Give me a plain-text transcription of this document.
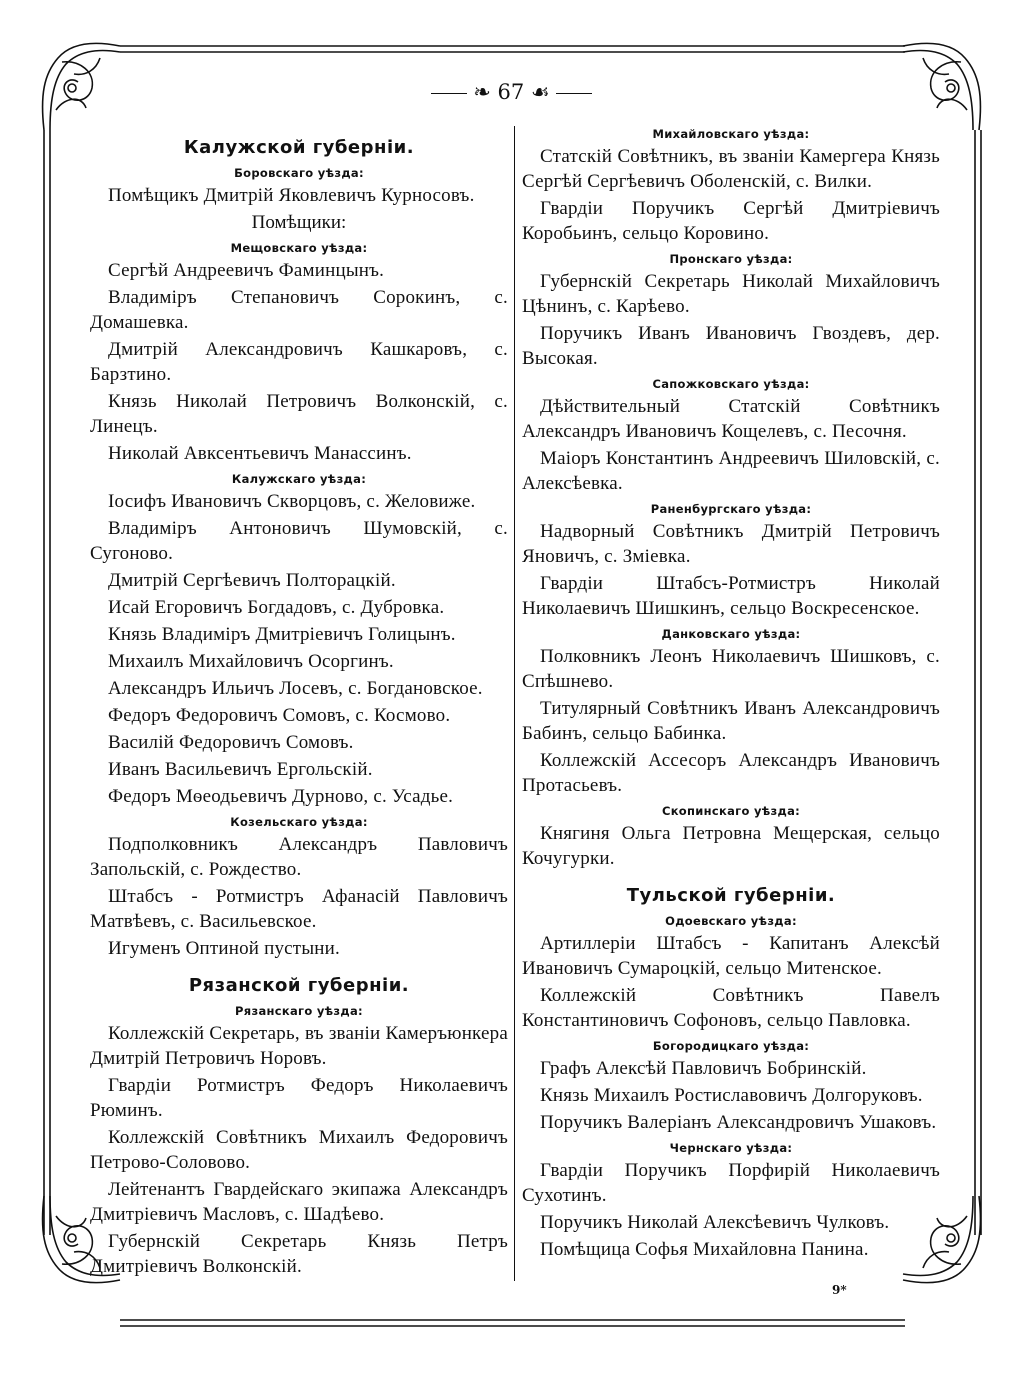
❧ 67 ☙

Калужской губерніи.

Боровскаго уѣзда:

Помѣщикъ Дмитрій Яковлевичъ Курносовъ.

Помѣщики:

Мещовскаго уѣзда:

Сергѣй Андреевичъ Фаминцынъ.

Владиміръ Степановичъ Сорокинъ, с. Домашевка.

Дмитрій Александровичъ Кашкаровъ, с. Барзтино.

Князь Николай Петровичъ Волконскій, с. Линецъ.

Николай Авксентьевичъ Манассинъ.

Калужскаго уѣзда:

Іосифъ Ивановичъ Скворцовъ, с. Желовиже.

Владиміръ Антоновичъ Шумовскій, с. Сугоново.

Дмитрій Сергѣевичъ Полторацкій.

Исай Егоровичъ Богдадовъ, с. Дубровка.

Князь Владиміръ Дмитріевичъ Голицынъ.

Михаилъ Михайловичъ Осоргинъ.

Александръ Ильичъ Лосевъ, с. Богдановское.

Федоръ Федоровичъ Сомовъ, с. Космово.

Василій Федоровичъ Сомовъ.

Иванъ Васильевичъ Ергольскій.

Федоръ Мѳеодьевичъ Дурново, с. Усадье.

Козельскаго уѣзда:

Подполковникъ Александръ Павловичъ Запольскій, с. Рождество.

Штабсъ - Ротмистръ Афанасій Павловичъ Матвѣевъ, с. Васильевское.

Игуменъ Оптиной пустыни.

Рязанской губерніи.

Рязанскаго уѣзда:

Коллежскій Секретарь, въ званіи Камеръюнкера Дмитрій Петровичъ Норовъ.

Гвардіи Ротмистръ Федоръ Николаевичъ Рюминъ.

Коллежскій Совѣтникъ Михаилъ Федоровичъ Петрово-Соловово.

Лейтенантъ Гвардейскаго экипажа Александръ Дмитріевичъ Масловъ, с. Шадѣево.

Губернскій Секретарь Князь Петръ Дмитріевичъ Волконскій.

Михайловскаго уѣзда:

Статскій Совѣтникъ, въ званіи Камергера Князь Сергѣй Сергѣевичъ Оболенскій, с. Вилки.

Гвардіи Поручикъ Сергѣй Дмитріевичъ Коробьинъ, сельцо Коровино.

Пронскаго уѣзда:

Губернскій Секретарь Николай Михайловичъ Цѣнинъ, с. Карѣево.

Поручикъ Иванъ Ивановичъ Гвоздевъ, дер. Высокая.

Сапожковскаго уѣзда:

Дѣйствительный Статскій Совѣтникъ Александръ Ивановичъ Кощелевъ, с. Песочня.

Маіоръ Константинъ Андреевичъ Шиловскій, с. Алексѣевка.

Раненбургскаго уѣзда:

Надворный Совѣтникъ Дмитрій Петровичъ Яновичъ, с. Зміевка.

Гвардіи Штабсъ-Ротмистръ Николай Николаевичъ Шишкинъ, сельцо Воскресенское.

Данковскаго уѣзда:

Полковникъ Леонъ Николаевичъ Шишковъ, с. Спѣшнево.

Титулярный Совѣтникъ Иванъ Александровичъ Бабинъ, сельцо Бабинка.

Коллежскій Ассесоръ Александръ Ивановичъ Протасьевъ.

Скопинскаго уѣзда:

Княгиня Ольга Петровна Мещерская, сельцо Кочугурки.

Тульской губерніи.

Одоевскаго уѣзда:

Артиллеріи Штабсъ - Капитанъ Алексѣй Ивановичъ Сумароцкій, сельцо Митенское.

Коллежскій Совѣтникъ Павелъ Константиновичъ Софоновъ, сельцо Павловка.

Богородицкаго уѣзда:

Графъ Алексѣй Павловичъ Бобринскій.

Князь Михаилъ Ростиславовичъ Долгоруковъ.

Поручикъ Валеріанъ Александровичъ Ушаковъ.

Чернскаго уѣзда:

Гвардіи Поручикъ Порфирій Николаевичъ Сухотинъ.

Поручикъ Николай Алексѣевичъ Чулковъ.

Помѣщица Софья Михайловна Панина.

9*
